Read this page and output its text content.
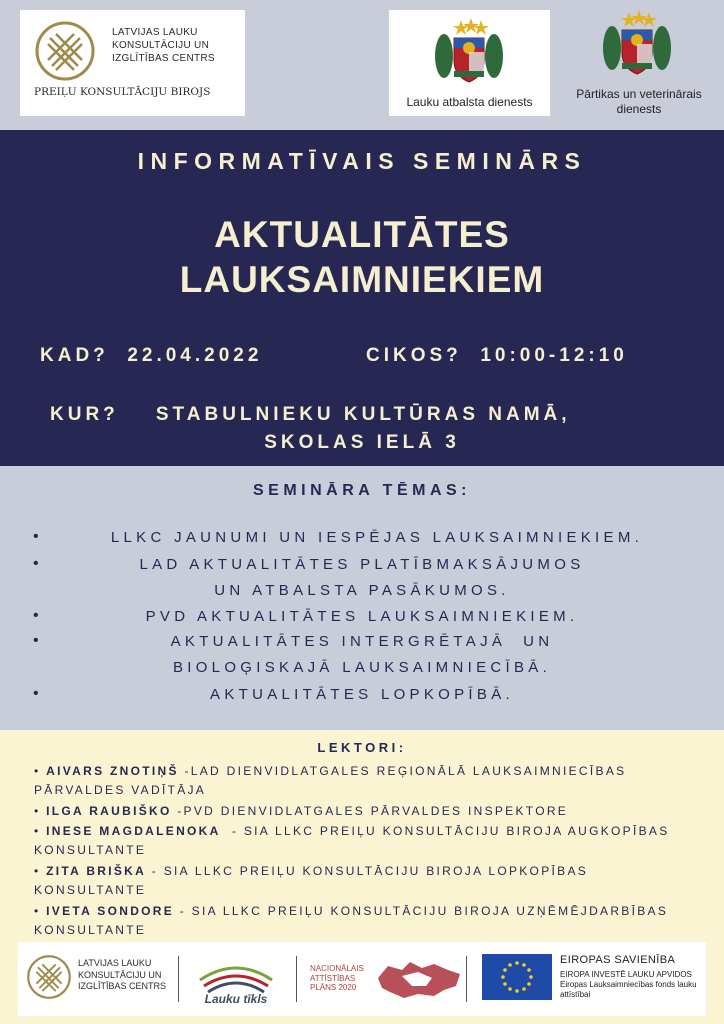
LATVIJAS LAUKU KONSULTĀCIJU UN IZGLĪTĪBAS CENTRS
PREIĻU KONSULTĀCIJU BIROJS
Lauku atbalsta dienests
Pārtikas un veterinārais dienests
INFORMATĪVAIS SEMINĀRS
AKTUALITĀTES
LAUKSAIMNIEKIEM
KAD?  22.04.2022	CIKOS?  10:00-12:10
KUR?    STABULNIEKU KULTŪRAS NAMĀ,
SKOLAS IELĀ 3
SEMINĀRA TĒMAS:
•	LLKC JAUNUMI UN IESPĒJAS LAUKSAIMNIEKIEM.
•	LAD AKTUALITĀTES PLATĪBMAKSĀJUMOS
UN ATBALSTA PASĀKUMOS.
•	PVD AKTUALITĀTES LAUKSAIMNIEKIEM.
•	AKTUALITĀTES INTERGRĒTAJĀ  UN
BIOLOĢISKAJĀ LAUKSAIMNIECĪBĀ.
•	AKTUALITĀTES LOPKOPĪBĀ.
LEKTORI:
• AIVARS ZNOTIŅŠ -LAD DIENVIDLATGALES REĢIONĀLĀ LAUKSAIMNIECĪBAS PĀRVALDES VADĪTĀJA
• ILGA RAUBIŠKO -PVD DIENVIDLATGALES PĀRVALDES INSPEKTORE
• INESE MAGDALENOKA  - SIA LLKC PREIĻU KONSULTĀCIJU BIROJA AUGKOPĪBAS KONSULTANTE
• ZITA BRIŠKA - SIA LLKC PREIĻU KONSULTĀCIJU BIROJA LOPKOPĪBAS KONSULTANTE
• IVETA SONDORE - SIA LLKC PREIĻU KONSULTĀCIJU BIROJA UZŅĒMĒJDARBĪBAS KONSULTANTE
LATVIJAS LAUKU KONSULTĀCIJU UN IZGLĪTĪBAS CENTRS
Lauku tīkls
NACIONĀLAIS ATTĪSTĪBAS PLĀNS 2020
EIROPAS SAVIENĪBA
EIROPA INVESTĒ LAUKU APVIDOS Eiropas Lauksaimniecības fonds lauku attīstībai
